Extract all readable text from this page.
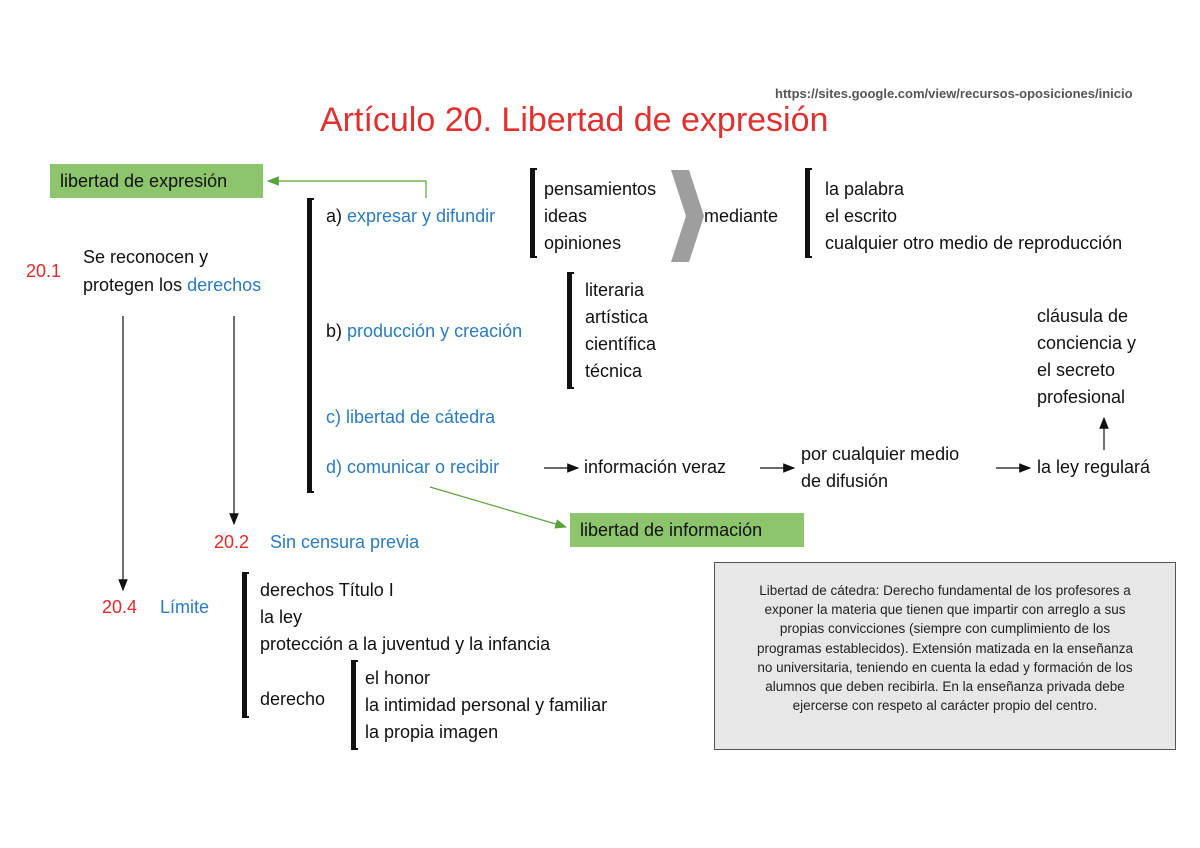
https://sites.google.com/view/recursos-oposiciones/inicio
Artículo 20. Libertad de expresión
libertad de expresión
libertad de información
20.1
Se reconocen y
protegen los derechos
a) expresar y difundir
pensamientos
ideas
opiniones
mediante
la palabra
el escrito
cualquier otro medio de reproducción
b) producción y creación
literaria
artística
científica
técnica
c) libertad de cátedra
d) comunicar o recibir	información veraz
por cualquier medio
de difusión
la ley regulará
cláusula de
conciencia y
el secreto
profesional
20.2 Sin censura previa
20.4 Límite
derechos Título I
la ley
protección a la juventud y la infancia
derecho
el honor
la intimidad personal y familiar
la propia imagen
Libertad de cátedra: Derecho fundamental de los profesores a
exponer la materia que tienen que impartir con arreglo a sus
propias convicciones (siempre con cumplimiento de los
programas establecidos). Extensión matizada en la enseñanza
no universitaria, teniendo en cuenta la edad y formación de los
alumnos que deben recibirla. En la enseñanza privada debe
ejercerse con respeto al carácter propio del centro.
